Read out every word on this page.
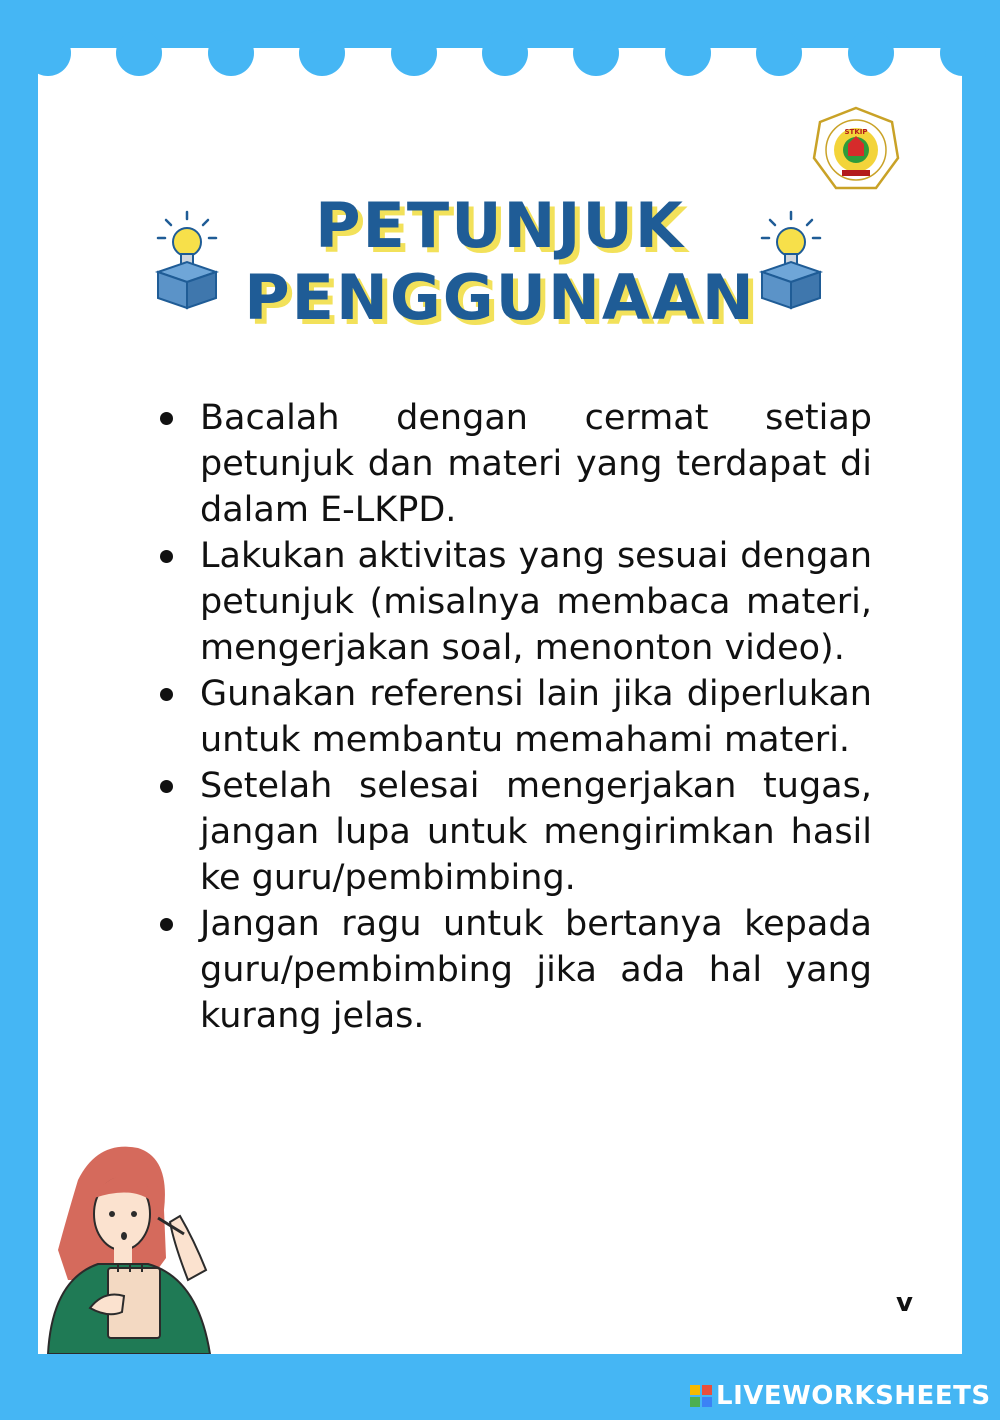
STKIP
PETUNJUK
PENGGUNAAN
Bacalah dengan cermat setiap petunjuk dan materi yang terdapat di dalam E-LKPD.
Lakukan aktivitas yang sesuai dengan petunjuk (misalnya membaca materi, mengerjakan soal, menonton video).
Gunakan referensi lain jika diperlukan untuk membantu memahami materi.
Setelah selesai mengerjakan tugas, jangan lupa untuk mengirimkan hasil ke guru/pembimbing.
Jangan ragu untuk bertanya kepada guru/pembimbing jika ada hal yang kurang jelas.
v
LIVEWORKSHEETS
